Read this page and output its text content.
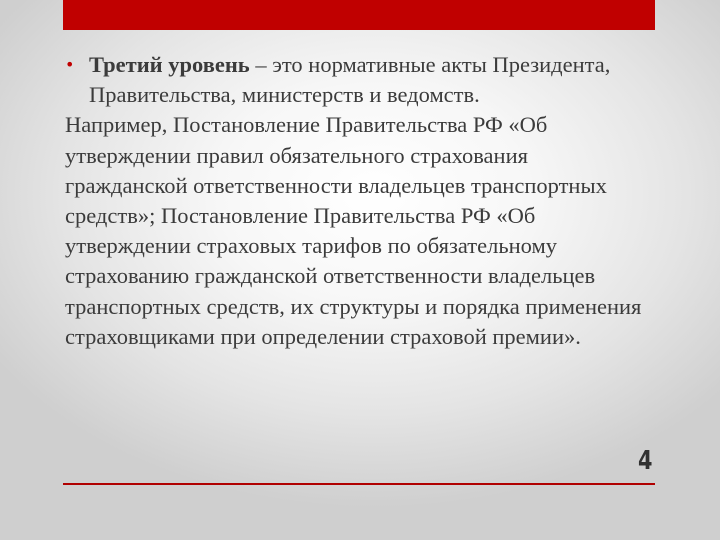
• Третий уровень – это нормативные акты Президента, Правительства, министерств и ведомств.

Например, Постановление Правительства РФ «Об утверждении правил обязательного страхования гражданской ответственности владельцев транспортных средств»; Постановление Правительства РФ «Об утверждении страховых тарифов по обязательному страхованию гражданской ответственности владельцев транспортных средств, их структуры и порядка применения страховщиками при определении страховой премии».

4
